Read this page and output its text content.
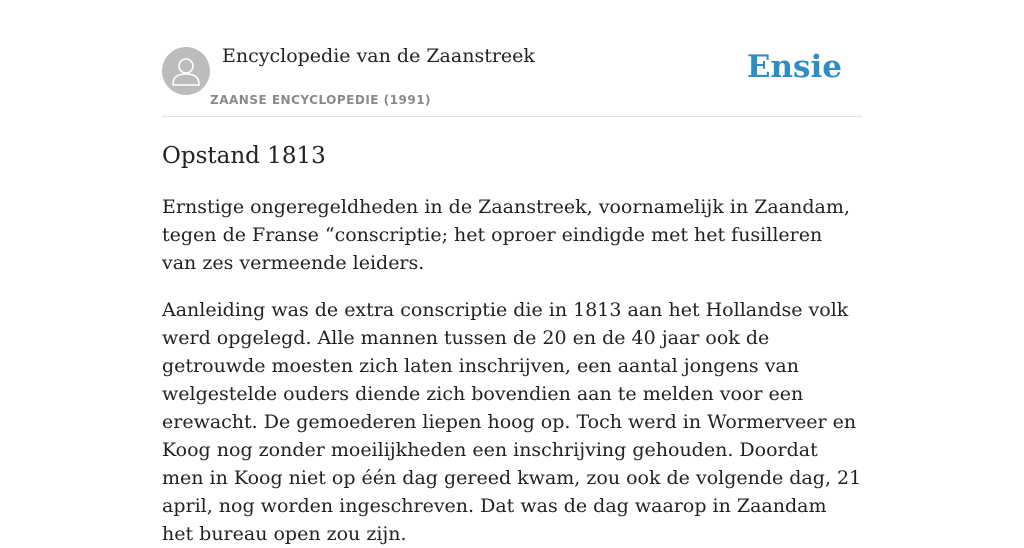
Encyclopedie van de Zaanstreek
ZAANSE ENCYCLOPEDIE (1991)
Ensie
Opstand 1813

Ernstige ongeregeldheden in de Zaanstreek, voornamelijk in Zaandam, tegen de Franse “conscriptie; het oproer eindigde met het fusilleren van zes vermeende leiders.

Aanleiding was de extra conscriptie die in 1813 aan het Hollandse volk werd opgelegd. Alle mannen tussen de 20 en de 40 jaar ook de getrouwde moesten zich laten inschrijven, een aantal jongens van welgestelde ouders diende zich bovendien aan te melden voor een erewacht. De gemoederen liepen hoog op. Toch werd in Wormerveer en Koog nog zonder moeilijkheden een inschrijving gehouden. Doordat men in Koog niet op één dag gereed kwam, zou ook de volgende dag, 21 april, nog worden ingeschreven. Dat was de dag waarop in Zaandam het bureau open zou zijn.
